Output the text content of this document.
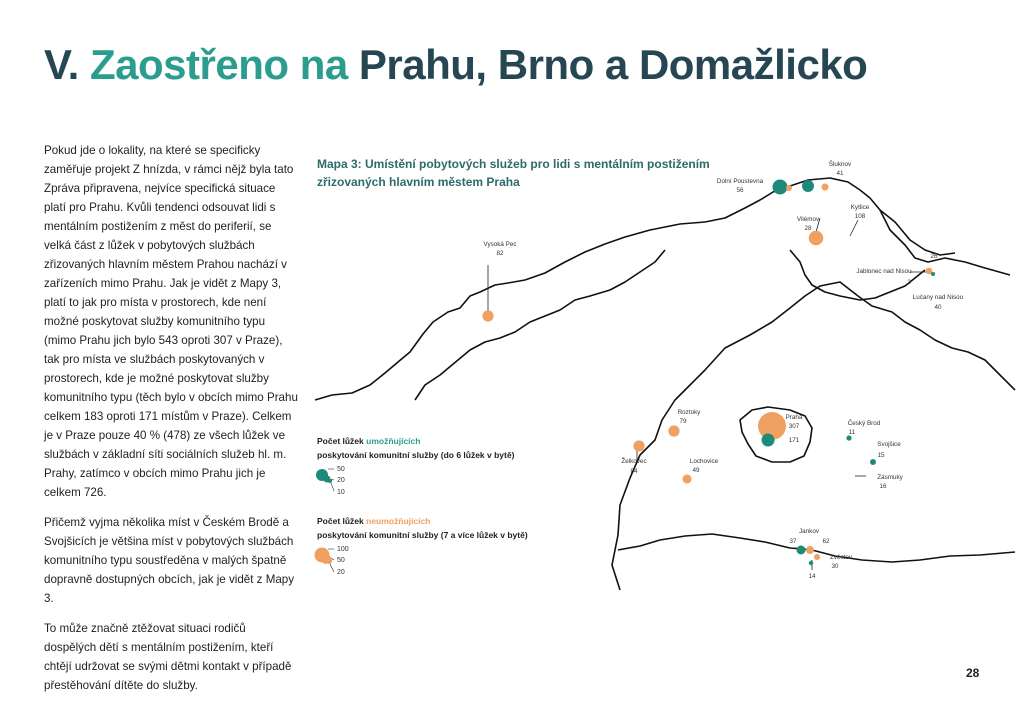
V. Zaostřeno na Prahu, Brno a Domažlicko

Pokud jde o lokality, na které se specificky zaměřuje projekt Z hnízda, v rámci nějž byla tato Zpráva připravena, nejvíce specifická situace platí pro Prahu. Kvůli tendenci odsouvat lidi s mentálním postižením z měst do periferií, se velká část z lůžek v pobytových službách zřizovaných hlavním městem Prahou nachází v zařízeních mimo Prahu. Jak je vidět z Mapy 3, platí to jak pro místa v prostorech, kde není možné poskytovat služby komunitního typu (mimo Prahu jich bylo 543 oproti 307 v Praze), tak pro místa ve službách poskytovaných v prostorech, kde je možné poskytovat služby komunitního typu (těch bylo v obcích mimo Prahu celkem 183 oproti 171 místům v Praze). Celkem je v Praze pouze 40 % (478) ze všech lůžek ve službách v základní síti sociálních služeb hl. m. Prahy, zatímco v obcích mimo Prahu jich je celkem 726.

Přičemž vyjma několika míst v Českém Brodě a Svojšicích je většina míst v pobytových službách komunitního typu soustředěna v malých špatně dopravně dostupných obcích, jak je vidět z Mapy 3.

To může značně ztěžovat situaci rodičů dospělých dětí s mentálním postižením, kteří chtějí udržovat se svými dětmi kontakt v případě přestěhování dítěte do služby.

Mapa 3: Umístění pobytových služeb pro lidi s mentálním postižením
zřizovaných hlavním městem Praha	Dolní Poustevna
56
Šluknov
41
Vilémov
28
Kytlice
108
Vysoká Pec
82
Jablonec nad Nisou
26
2
Lučany nad Nisou
40
Roztoky
79
Praha
307
171
Český Brod
11
Želkovec
84
Lochovice
49
Svojšice
15
Zásmuky
16
Jankov
37	62
Zvěstov
30
14
50
20
10
100
50
20
Počet lůžek umožňujících
poskytování komunitní služby (do 6 lůžek v bytě)
Počet lůžek neumožňujících
poskytování komunitní služby (7 a více lůžek v bytě)
28
